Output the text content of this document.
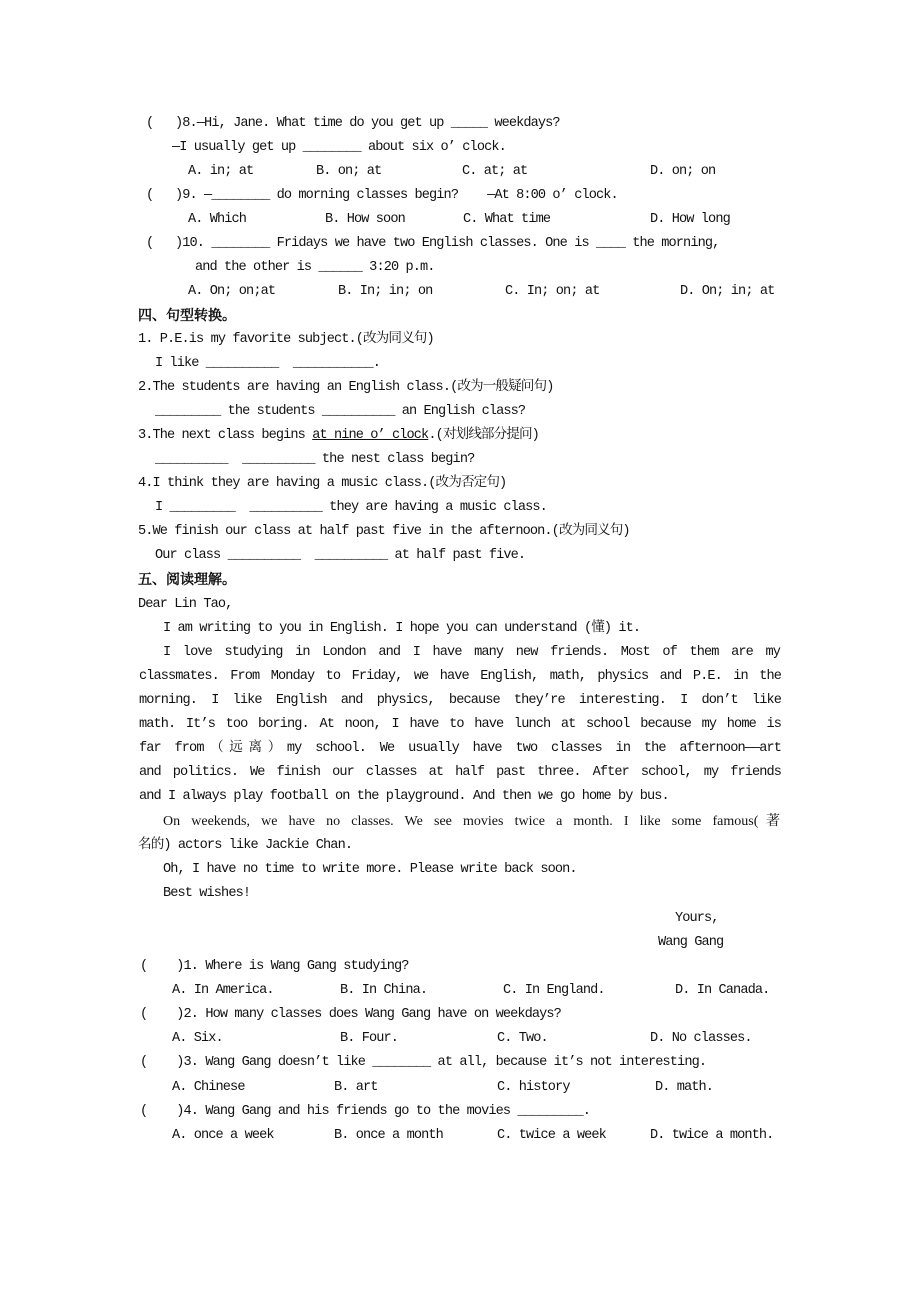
(   )8.—Hi, Jane. What time do you get up _____ weekdays?
—I usually get up ________ about six o’ clock.
A. in; at	B. on; at	C. at; at	D. on; on
(   )9. —________ do morning classes begin?    —At 8:00 o’ clock.
A. Which	B. How soon	C. What time	D. How long
(   )10. ________ Fridays we have two English classes. One is ____ the morning,
and the other is ______ 3:20 p.m.
A. On; on;at	B. In; in; on	C. In; on; at	D. On; in; at
四、句型转换。
1. P.E.is my favorite subject.(改为同义句)
I like __________  ___________.
2.The students are having an English class.(改为一般疑问句)
_________ the students __________ an English class?
3.The next class begins at nine o’ clock.(对划线部分提问)
__________  __________ the nest class begin?
4.I think they are having a music class.(改为否定句)
I _________  __________ they are having a music class.
5.We finish our class at half past five in the afternoon.(改为同义句)
Our class __________  __________ at half past five.
五、阅读理解。
Dear Lin Tao,
I am writing to you in English. I hope you can understand (懂) it.
I love studying in London and I have many new friends. Most of them are my
classmates. From Monday to Friday, we have English, math, physics and P.E. in the
morning. I like English and physics, because they’re interesting. I don’t like
math. It’s too boring. At noon, I have to have lunch at school because my home is
far from（远离）my school. We usually have two classes in the afternoon——art
and politics. We finish our classes at half past three. After school, my friends
and I always play football on the playground. And then we go home by bus.
On weekends, we have no classes. We see movies twice a month. I like some famous(著
名的) actors like Jackie Chan.
Oh, I have no time to write more. Please write back soon.
Best wishes!
Yours,
Wang Gang
(    )1. Where is Wang Gang studying?
A. In America.	B. In China.	C. In England.	D. In Canada.
(    )2. How many classes does Wang Gang have on weekdays?
A. Six.	B. Four.	C. Two.	D. No classes.
(    )3. Wang Gang doesn’t like ________ at all, because it’s not interesting.
A. Chinese	B. art	C. history	D. math.
(    )4. Wang Gang and his friends go to the movies _________.
A. once a week	B. once a month	C. twice a week	D. twice a month.
